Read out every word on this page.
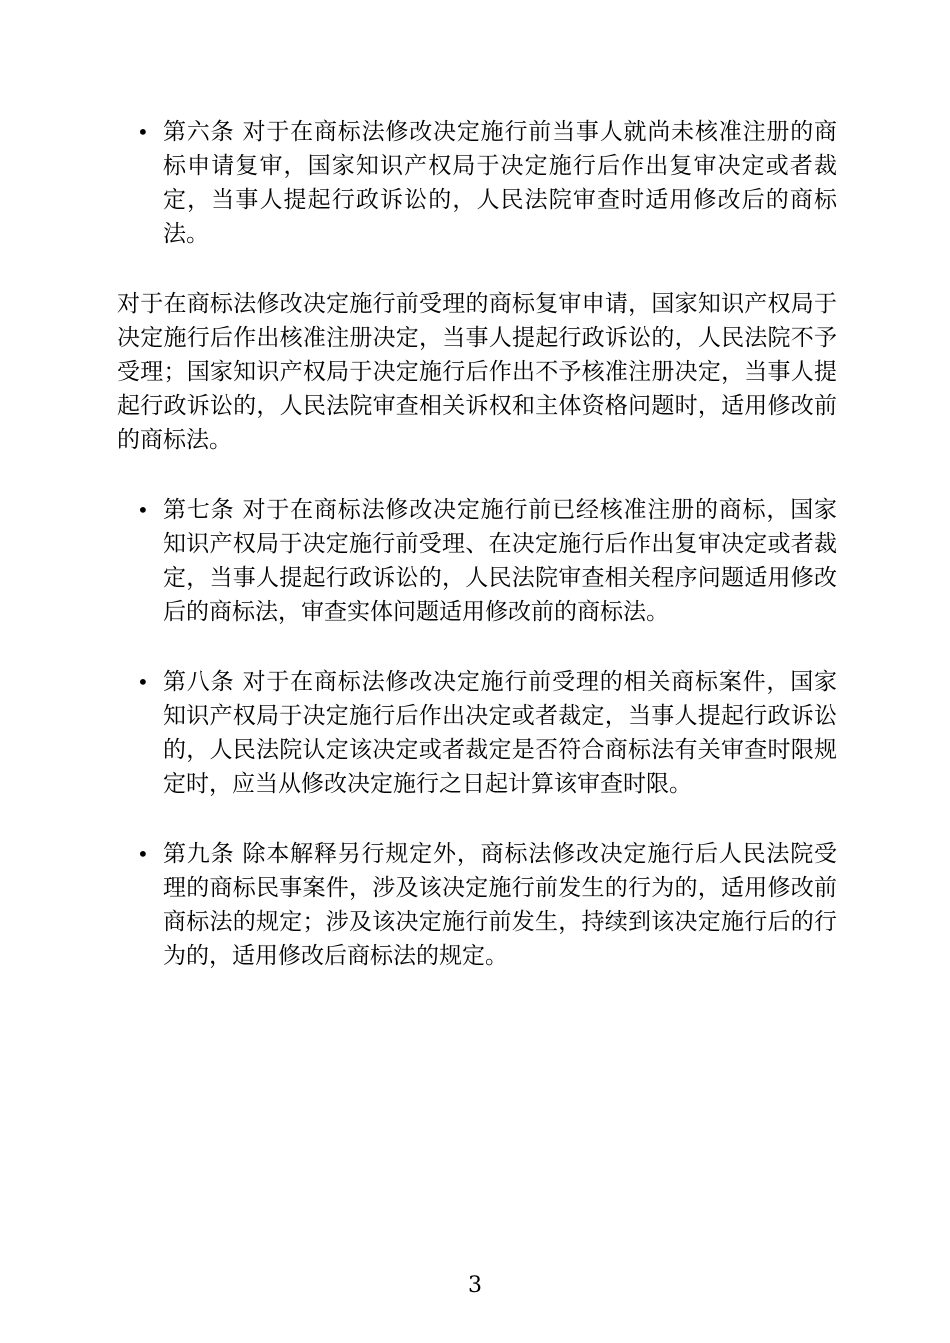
• 第六条 对于在商标法修改决定施行前当事人就尚未核准注册的商标申请复审，国家知识产权局于决定施行后作出复审决定或者裁定，当事人提起行政诉讼的，人民法院审查时适用修改后的商标法。

对于在商标法修改决定施行前受理的商标复审申请，国家知识产权局于决定施行后作出核准注册决定，当事人提起行政诉讼的，人民法院不予受理；国家知识产权局于决定施行后作出不予核准注册决定，当事人提起行政诉讼的，人民法院审查相关诉权和主体资格问题时，适用修改前的商标法。

• 第七条 对于在商标法修改决定施行前已经核准注册的商标，国家知识产权局于决定施行前受理、在决定施行后作出复审决定或者裁定，当事人提起行政诉讼的，人民法院审查相关程序问题适用修改后的商标法，审查实体问题适用修改前的商标法。
• 第八条 对于在商标法修改决定施行前受理的相关商标案件，国家知识产权局于决定施行后作出决定或者裁定，当事人提起行政诉讼的，人民法院认定该决定或者裁定是否符合商标法有关审查时限规定时，应当从修改决定施行之日起计算该审查时限。
• 第九条 除本解释另行规定外，商标法修改决定施行后人民法院受理的商标民事案件，涉及该决定施行前发生的行为的，适用修改前商标法的规定；涉及该决定施行前发生，持续到该决定施行后的行为的，适用修改后商标法的规定。
3
